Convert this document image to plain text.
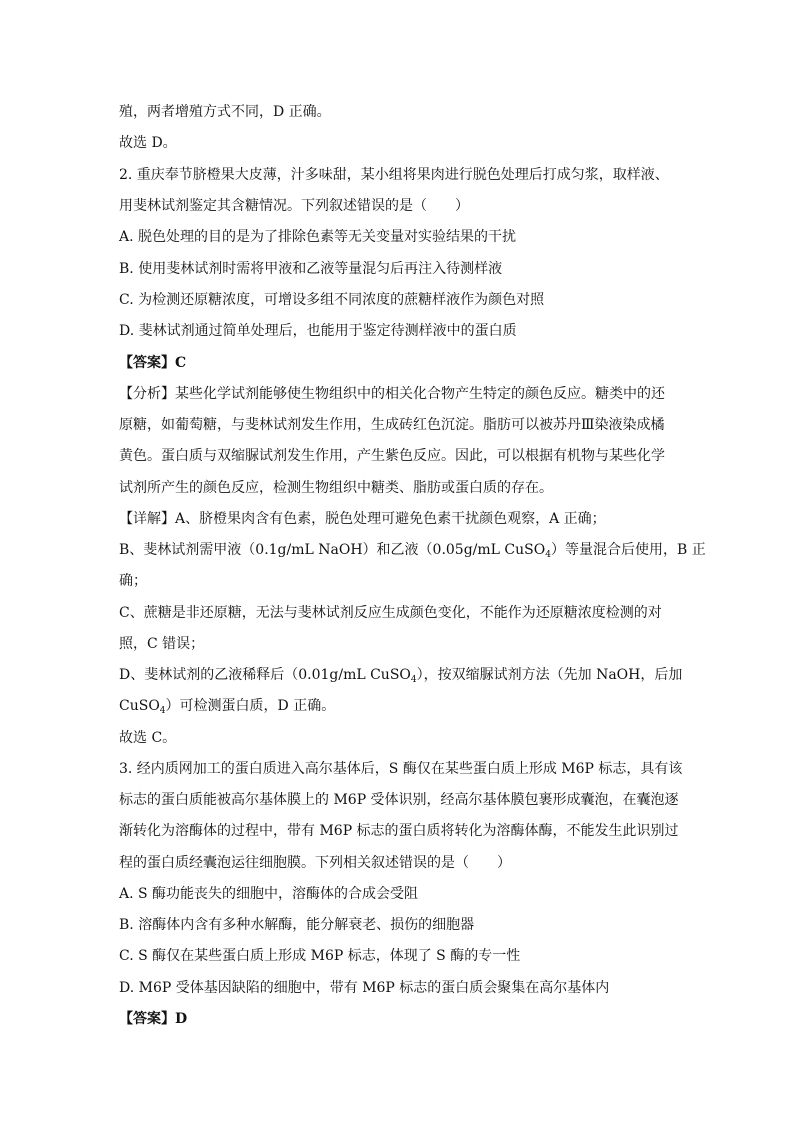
殖，两者增殖方式不同，D 正确。
故选 D。
2. 重庆奉节脐橙果大皮薄，汁多味甜，某小组将果肉进行脱色处理后打成匀浆，取样液、
用斐林试剂鉴定其含糖情况。下列叙述错误的是（　　）
A. 脱色处理的目的是为了排除色素等无关变量对实验结果的干扰
B. 使用斐林试剂时需将甲液和乙液等量混匀后再注入待测样液
C. 为检测还原糖浓度，可增设多组不同浓度的蔗糖样液作为颜色对照
D. 斐林试剂通过简单处理后，也能用于鉴定待测样液中的蛋白质
【答案】C
【分析】某些化学试剂能够使生物组织中的相关化合物产生特定的颜色反应。糖类中的还
原糖，如葡萄糖，与斐林试剂发生作用，生成砖红色沉淀。脂肪可以被苏丹Ⅲ染液染成橘
黄色。蛋白质与双缩脲试剂发生作用，产生紫色反应。因此，可以根据有机物与某些化学
试剂所产生的颜色反应，检测生物组织中糖类、脂肪或蛋白质的存在。
【详解】A、脐橙果肉含有色素，脱色处理可避免色素干扰颜色观察，A 正确；
B、斐林试剂需甲液（0.1g/mL NaOH）和乙液（0.05g/mL CuSO$_4$）等量混合后使用，B 正
确；
C、蔗糖是非还原糖，无法与斐林试剂反应生成颜色变化，不能作为还原糖浓度检测的对
照，C 错误；
D、斐林试剂的乙液稀释后（0.01g/mL CuSO$_4$），按双缩脲试剂方法（先加 NaOH，后加
CuSO$_4$）可检测蛋白质，D 正确。
故选 C。
3. 经内质网加工的蛋白质进入高尔基体后，S 酶仅在某些蛋白质上形成 M6P 标志，具有该
标志的蛋白质能被高尔基体膜上的 M6P 受体识别，经高尔基体膜包裹形成囊泡，在囊泡逐
渐转化为溶酶体的过程中，带有 M6P 标志的蛋白质将转化为溶酶体酶，不能发生此识别过
程的蛋白质经囊泡运往细胞膜。下列相关叙述错误的是（　　）
A. S 酶功能丧失的细胞中，溶酶体的合成会受阻
B. 溶酶体内含有多种水解酶，能分解衰老、损伤的细胞器
C. S 酶仅在某些蛋白质上形成 M6P 标志，体现了 S 酶的专一性
D. M6P 受体基因缺陷的细胞中，带有 M6P 标志的蛋白质会聚集在高尔基体内
【答案】D
